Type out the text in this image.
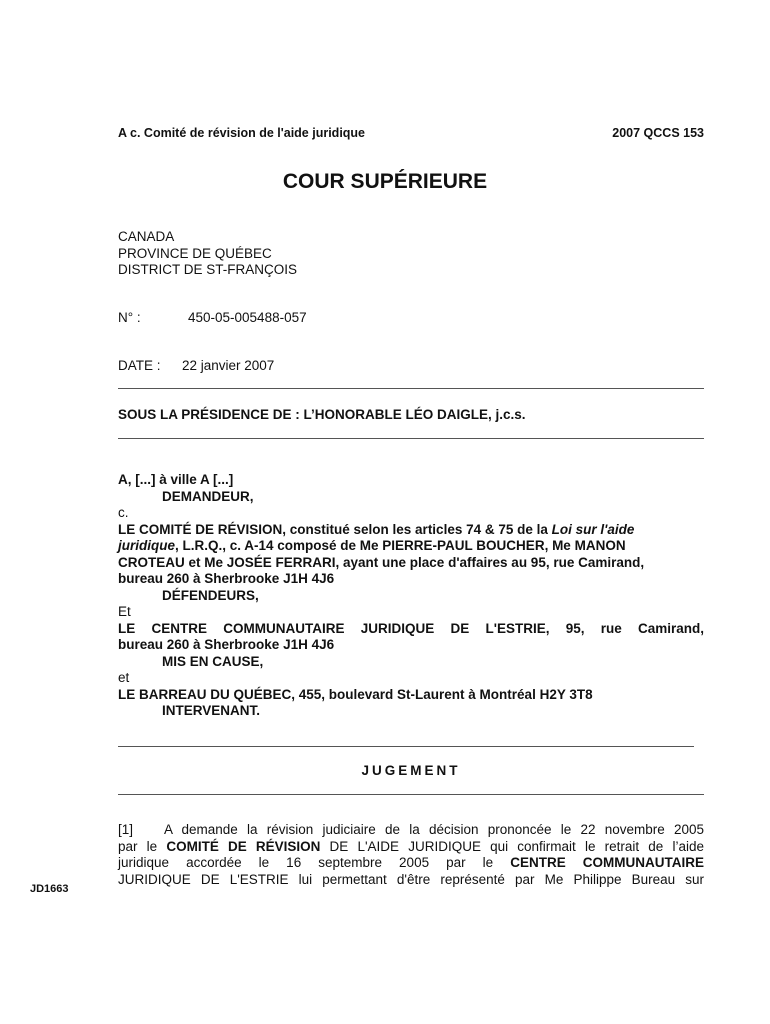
A c. Comité de révision de l'aide juridique	2007 QCCS 153
COUR SUPÉRIEURE
CANADA
PROVINCE DE QUÉBEC
DISTRICT DE ST-FRANÇOIS
N° :	450-05-005488-057
DATE : 22 janvier 2007
SOUS LA PRÉSIDENCE DE : L’HONORABLE LÉO DAIGLE, j.c.s.
A, [...] à ville A [...]
DEMANDEUR,
c.
LE COMITÉ DE RÉVISION, constitué selon les articles 74 & 75 de la Loi sur l'aide
juridique, L.R.Q., c. A-14 composé de Me PIERRE-PAUL BOUCHER, Me MANON
CROTEAU et Me JOSÉE FERRARI, ayant une place d'affaires au 95, rue Camirand,
bureau 260 à Sherbrooke J1H 4J6
DÉFENDEURS,
Et
LE CENTRE COMMUNAUTAIRE JURIDIQUE DE L'ESTRIE, 95, rue Camirand,
bureau 260 à Sherbrooke J1H 4J6
MIS EN CAUSE,
et
LE BARREAU DU QUÉBEC, 455, boulevard St-Laurent à Montréal H2Y 3T8
INTERVENANT.
JUGEMENT
[1]	A demande la révision judiciaire de la décision prononcée le 22 novembre 2005
par le COMITÉ DE RÉVISION DE L'AIDE JURIDIQUE qui confirmait le retrait de l’aide
juridique accordée le 16 septembre 2005 par le CENTRE COMMUNAUTAIRE
JURIDIQUE DE L'ESTRIE lui permettant d'être représenté par Me Philippe Bureau sur
JD1663
